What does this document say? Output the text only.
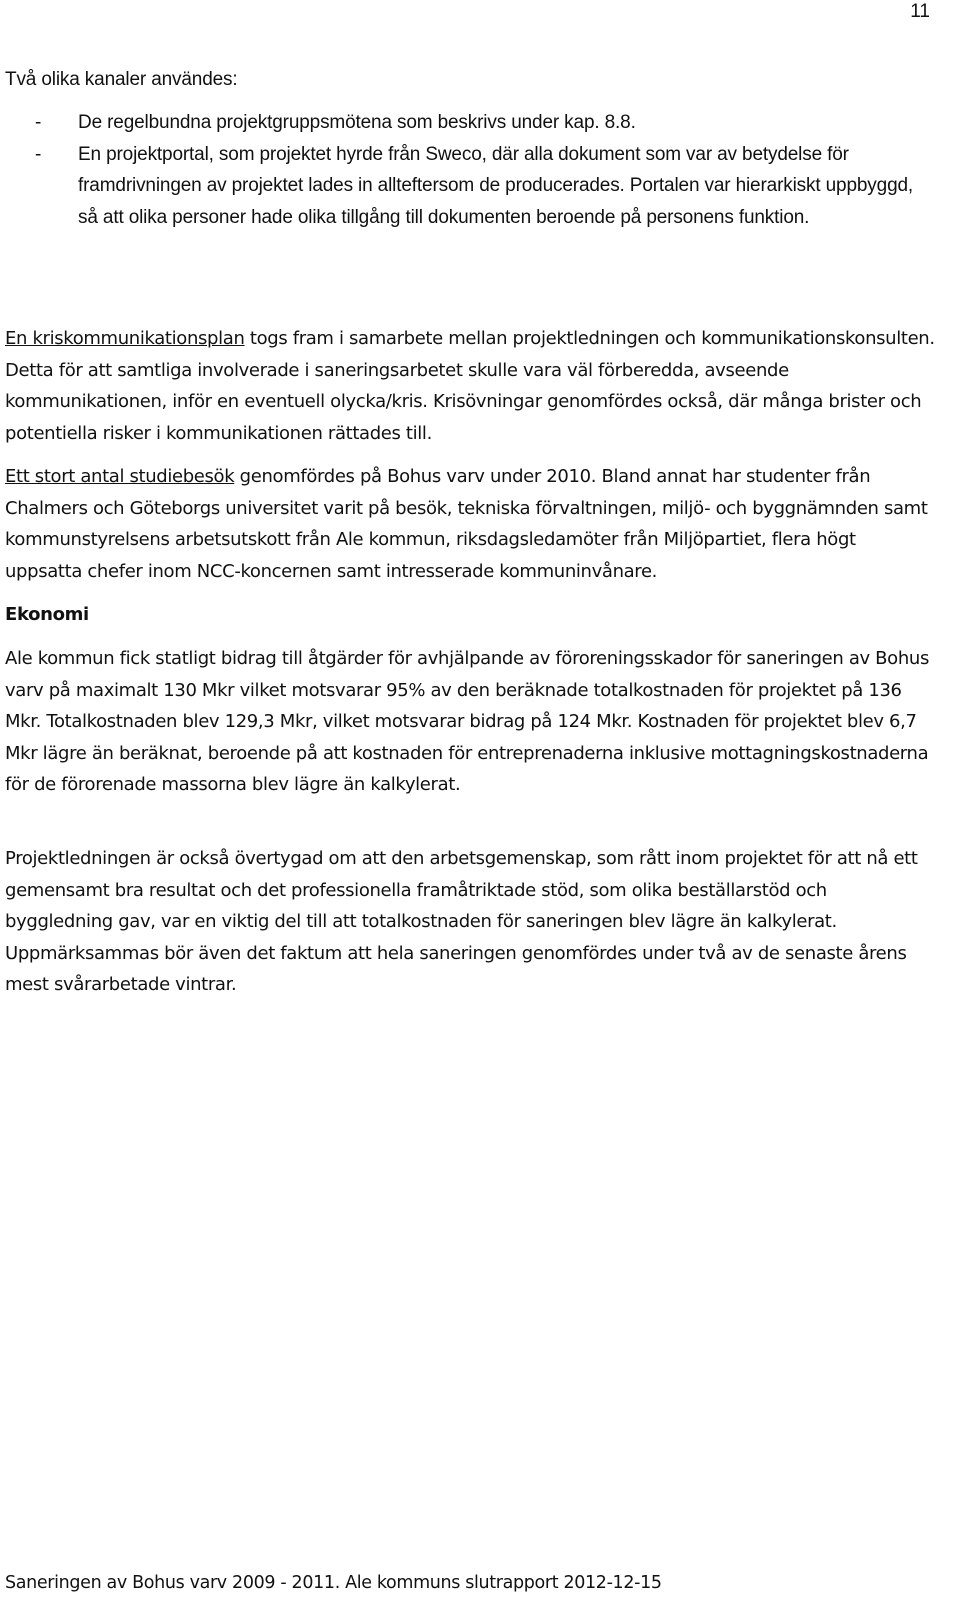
11
Två olika kanaler användes:
- De regelbundna projektgruppsmötena som beskrivs under kap. 8.8.
- En projektportal, som projektet hyrde från Sweco, där alla dokument som var av betydelse för framdrivningen av projektet lades in allteftersom de producerades. Portalen var hierarkiskt uppbyggd, så att olika personer hade olika tillgång till dokumenten beroende på personens funktion.
En kriskommunikationsplan togs fram i samarbete mellan projektledningen och kommunikationskonsulten. Detta för att samtliga involverade i saneringsarbetet skulle vara väl förberedda, avseende kommunikationen, inför en eventuell olycka/kris. Krisövningar genomfördes också, där många brister och potentiella risker i kommunikationen rättades till.
Ett stort antal studiebesök genomfördes på Bohus varv under 2010. Bland annat har studenter från Chalmers och Göteborgs universitet varit på besök, tekniska förvaltningen, miljö- och byggnämnden samt kommunstyrelsens arbetsutskott från Ale kommun, riksdagsledamöter från Miljöpartiet, flera högt uppsatta chefer inom NCC-koncernen samt intresserade kommuninvånare.
Ekonomi
Ale kommun fick statligt bidrag till åtgärder för avhjälpande av föroreningsskador för saneringen av Bohus varv på maximalt 130 Mkr vilket motsvarar 95% av den beräknade totalkostnaden för projektet på 136 Mkr. Totalkostnaden blev 129,3 Mkr, vilket motsvarar bidrag på 124 Mkr. Kostnaden för projektet blev 6,7 Mkr lägre än beräknat, beroende på att kostnaden för entreprenaderna inklusive mottagningskostnaderna för de förorenade massorna blev lägre än kalkylerat.
Projektledningen är också övertygad om att den arbetsgemenskap, som rått inom projektet för att nå ett gemensamt bra resultat och det professionella framåtriktade stöd, som olika beställarstöd och byggledning gav, var en viktig del till att totalkostnaden för saneringen blev lägre än kalkylerat. Uppmärksammas bör även det faktum att hela saneringen genomfördes under två av de senaste årens mest svårarbetade vintrar.
Saneringen av Bohus varv 2009 - 2011. Ale kommuns slutrapport 2012-12-15
